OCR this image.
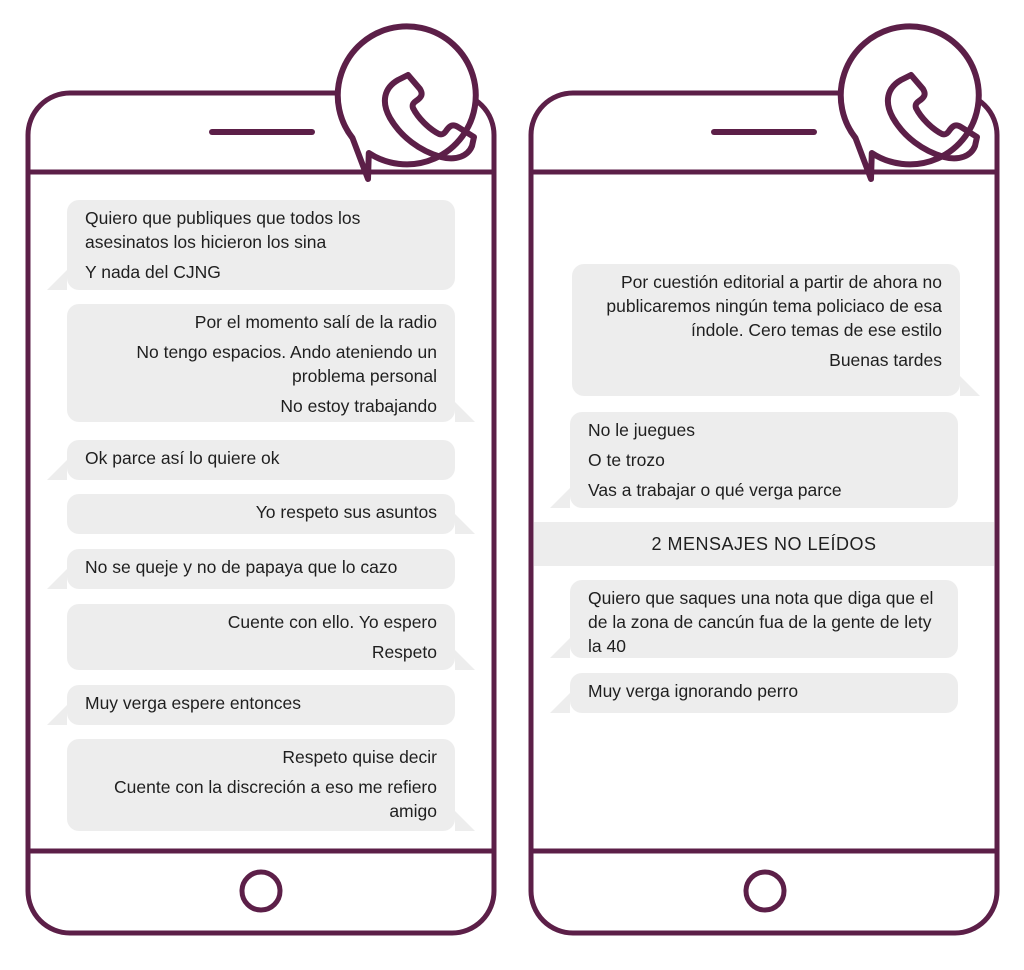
Quiero que publiques que todos los asesinatos los hicieron los sina
Y nada del CJNG
Por el momento salí de la radio
No tengo espacios. Ando ateniendo un problema personal
No estoy trabajando
Ok parce así lo quiere ok
Yo respeto sus asuntos
No se queje y no de papaya que lo cazo
Cuente con ello. Yo espero
Respeto
Muy verga espere entonces
Respeto quise decir
Cuente con la discreción a eso me refiero amigo
Por cuestión editorial a partir de ahora no publicaremos ningún tema policiaco de esa índole. Cero temas de ese estilo
Buenas tardes
No le juegues
O te trozo
Vas a trabajar o qué verga parce
2 MENSAJES NO LEÍDOS
Quiero que saques una nota que diga que el de la zona de cancún fua de la gente de lety la 40
Muy verga ignorando perro
